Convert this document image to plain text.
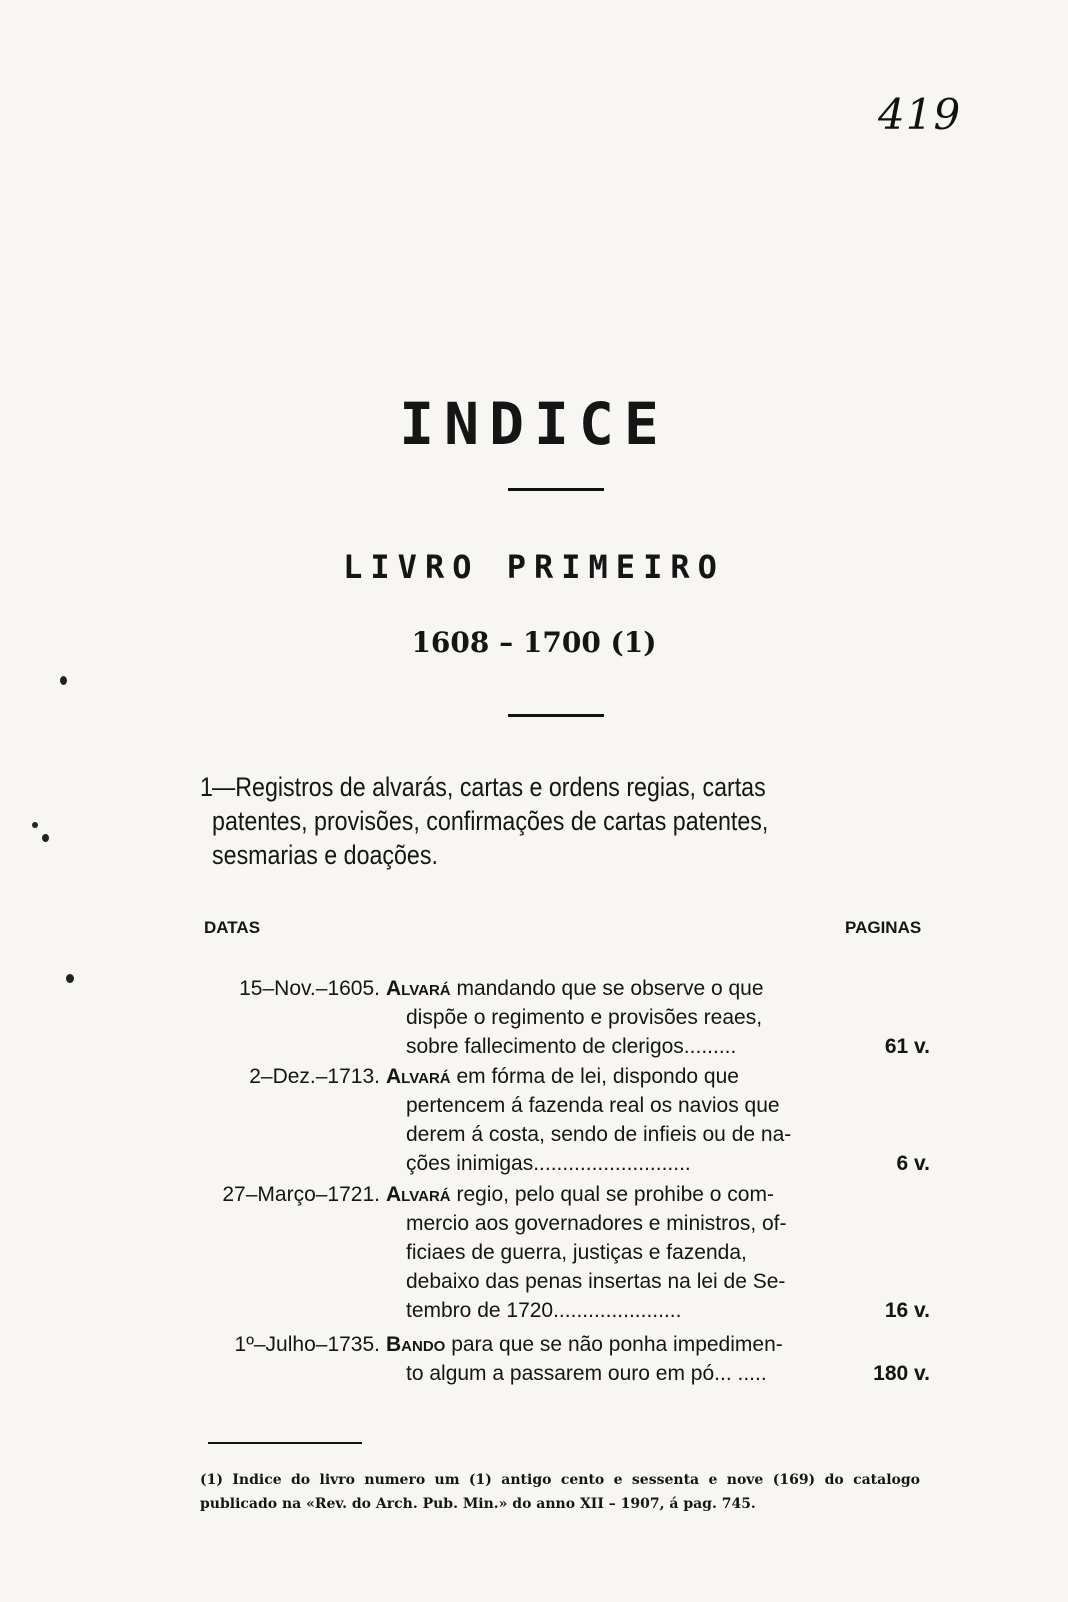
419
INDICE
LIVRO PRIMEIRO
1608 – 1700 (1)
1 —Registros de alvarás, cartas e ordens regias, cartas patentes, provisões, confirmações de cartas patentes, sesmarias e doações.
DATAS	PAGINAS
15–Nov.–1605. Alvará mandando que se observe o que
dispõe o regimento e provisões reaes,
sobre fallecimento de clerigos.........	61 v.
2–Dez.–1713. Alvará em fórma de lei, dispondo que
pertencem á fazenda real os navios que
derem á costa, sendo de infieis ou de na-
ções inimigas...........................	6 v.
27–Março–1721. Alvará regio, pelo qual se prohibe o com-
mercio aos governadores e ministros, of-
ficiaes de guerra, justiças e fazenda,
debaixo das penas insertas na lei de Se-
tembro de 1720......................	16 v.
1º–Julho–1735. Bando para que se não ponha impedimen-
to algum a passarem ouro em pó... .....	180 v.
(1) Indice do livro numero um (1) antigo cento e sessenta e nove (169) do catalogo publicado na «Rev. do Arch. Pub. Min.» do anno XII – 1907, á pag. 745.
